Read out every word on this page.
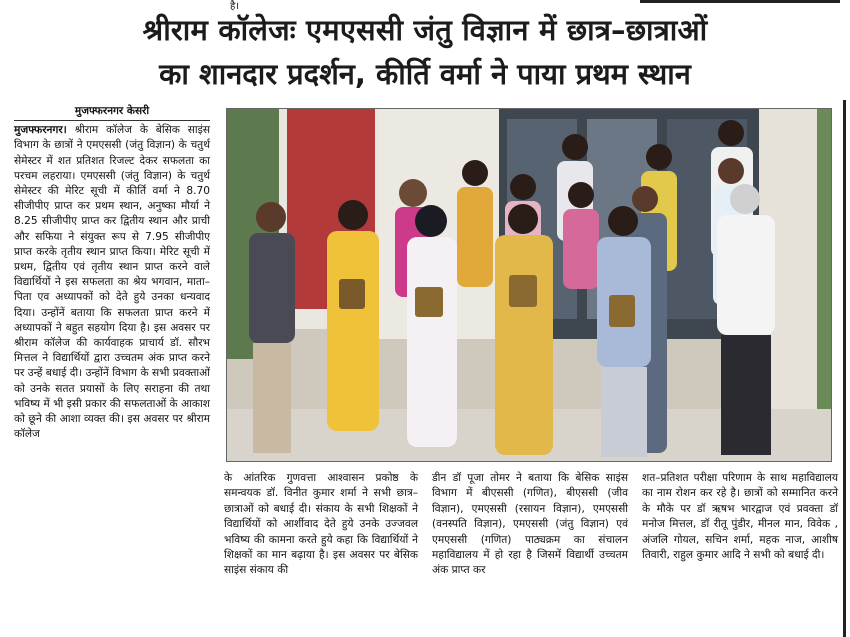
है।
श्रीराम कॉलेजः एमएससी जंतु विज्ञान में छात्र–छात्राओं
का शानदार प्रदर्शन, कीर्ति वर्मा ने पाया प्रथम स्थान
मुजफ्फरनगर केसरी

मुजफ्फरनगर। श्रीराम कॉलेज के बेसिक साइंस विभाग के छात्रों ने एमएससी (जंतु विज्ञान) के चतुर्थ सेमेस्टर में शत प्रतिशत रिजल्ट देकर सफलता का परचम लहराया। एमएससी (जंतु विज्ञान) के चतुर्थ सेमेस्टर की मेरिट सूची में कीर्ति वर्मा ने 8.70 सीजीपीए प्राप्त कर प्रथम स्थान, अनुष्का मौर्या ने 8.25 सीजीपीए प्राप्त कर द्वितीय स्थान और प्राची और सफिया ने संयुक्त रूप से 7.95 सीजीपीए प्राप्त करके तृतीय स्थान प्राप्त किया। मेरिट सूची में प्रथम, द्वितीय एवं तृतीय स्थान प्राप्त करने वाले विद्यार्थियों ने इस सफलता का श्रेय भगवान, माता–पिता एव अध्यापकों को देते हुये उनका धन्यवाद दिया। उन्होंनें बताया कि सफलता प्राप्त करने में अध्यापकों ने बहुत सहयोग दिया है। इस अवसर पर श्रीराम कॉलेज की कार्यवाहक प्राचार्य डॉ. सौरभ मित्तल ने विद्यार्थियों द्वारा उच्चतम अंक प्राप्त करने पर उन्हें बधाई दी। उन्होंनें विभाग के सभी प्रवक्ताओं को उनके सतत प्रयासों के लिए सराहना की तथा भविष्य में भी इसी प्रकार की सफलताओं के आकाश को छूने की आशा व्यक्त की। इस अवसर पर श्रीराम कॉलेज

के आंतरिक गुणवत्ता आश्वासन प्रकोष्ठ के समन्वयक डॉ. विनीत कुमार शर्मा ने सभी छात्र–छात्राओं को बधाई दी। संकाय के सभी शिक्षकों ने विद्यार्थियों को आर्शीवाद देते हुये उनके उज्जवल भविष्य की कामना करते हुये कहा कि विद्यार्थियों ने शिक्षकों का मान बढ़ाया है। इस अवसर पर बेसिक साइंस संकाय की

डीन डॉ पूजा तोमर ने बताया कि बेसिक साइंस विभाग में बीएससी (गणित), बीएससी (जीव विज्ञान), एमएससी (रसायन विज्ञान), एमएससी (वनस्पति विज्ञान), एमएससी (जंतु विज्ञान) एवं एमएससी (गणित) पाठ्यक्रम का संचालन महाविद्यालय में हो रहा है जिसमें विद्यार्थी उच्चतम अंक प्राप्त कर

शत–प्रतिशत परीक्षा परिणाम के साथ महाविद्यालय का नाम रोशन कर रहे है। छात्रों को सम्मानित करने के मौके पर डॉ ऋषभ भारद्वाज एवं प्रवक्ता डॉ मनोज मित्तल, डॉ रीतू पुंडीर, मीनल मान, विवेक , अंजलि गोयल, सचिन शर्मा, महक नाज, आशीष तिवारी, राहुल कुमार आदि ने सभी को बधाई दी।
